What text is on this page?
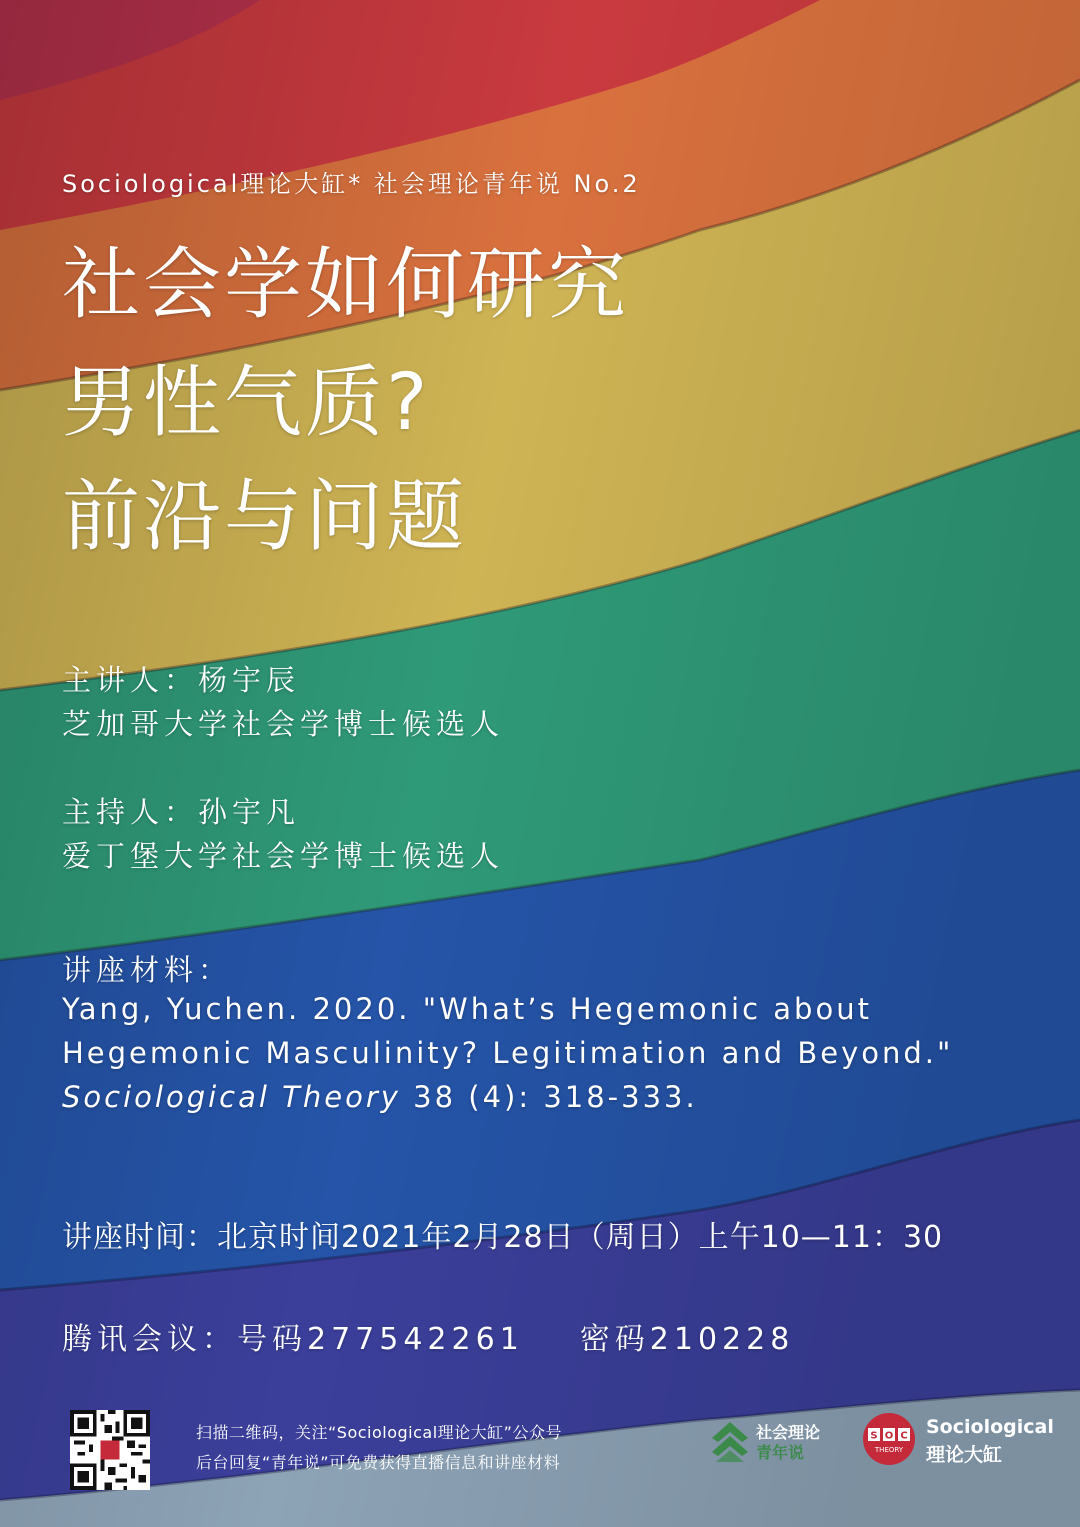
Sociological理论大缸* 社会理论青年说 No.2
社会学如何研究
男性气质?
前沿与问题
主讲人：杨宇辰
芝加哥大学社会学博士候选人
主持人：孙宇凡
爱丁堡大学社会学博士候选人
讲座材料：
Yang, Yuchen. 2020. "What’s Hegemonic about
Hegemonic Masculinity? Legitimation and Beyond."
Sociological Theory 38 (4): 318-333.
讲座时间：北京时间2021年2月28日（周日）上午10—11：30
腾讯会议：号码277542261 密码210228
扫描二维码，关注“Sociological理论大缸”公众号
后台回复“青年说”可免费获得直播信息和讲座材料
社会理论
青年说
S O C
THEORY
Sociological
理论大缸
